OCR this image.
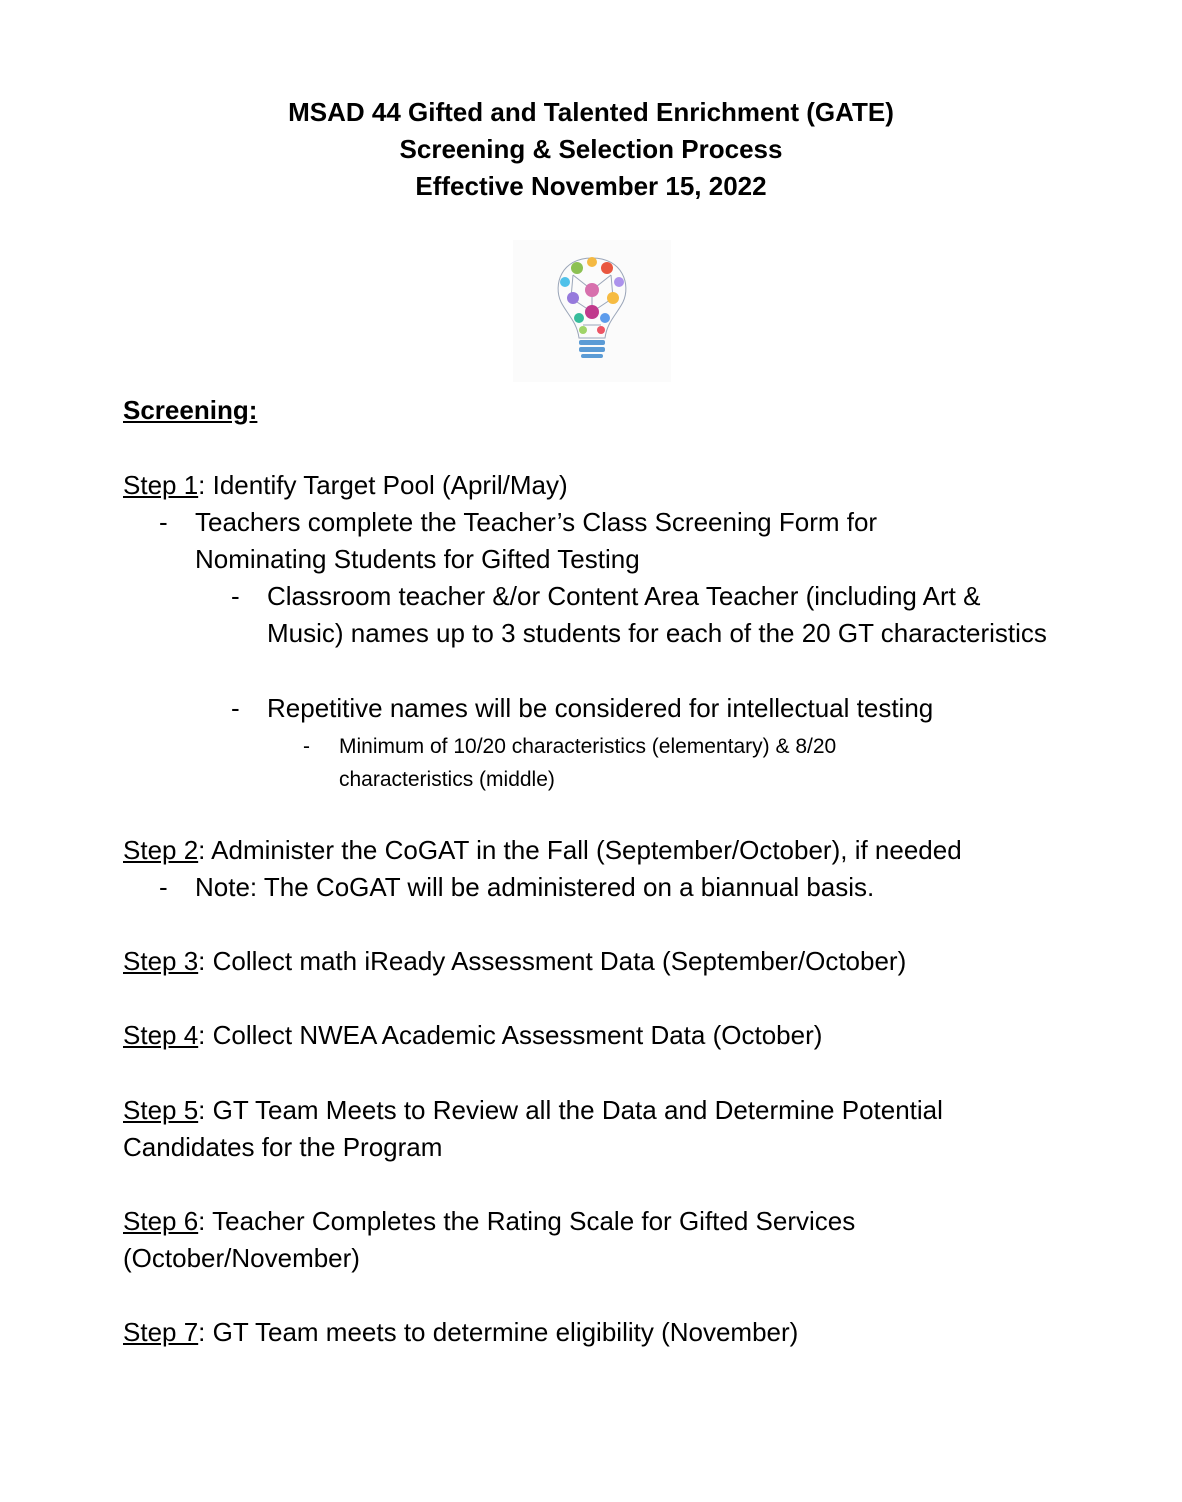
MSAD 44 Gifted and Talented Enrichment (GATE)
Screening & Selection Process
Effective November 15, 2022
Screening:
Step 1: Identify Target Pool (April/May)
- Teachers complete the Teacher’s Class Screening Form for Nominating Students for Gifted Testing
- Classroom teacher &/or Content Area Teacher (including Art & Music) names up to 3 students for each of the 20 GT characteristics
- Repetitive names will be considered for intellectual testing
- Minimum of 10/20 characteristics (elementary) & 8/20 characteristics (middle)
Step 2: Administer the CoGAT in the Fall (September/October), if needed
- Note: The CoGAT will be administered on a biannual basis.
Step 3: Collect math iReady Assessment Data (September/October)
Step 4: Collect NWEA Academic Assessment Data (October)
Step 5: GT Team Meets to Review all the Data and Determine Potential Candidates for the Program
Step 6: Teacher Completes the Rating Scale for Gifted Services (October/November)
Step 7: GT Team meets to determine eligibility (November)
